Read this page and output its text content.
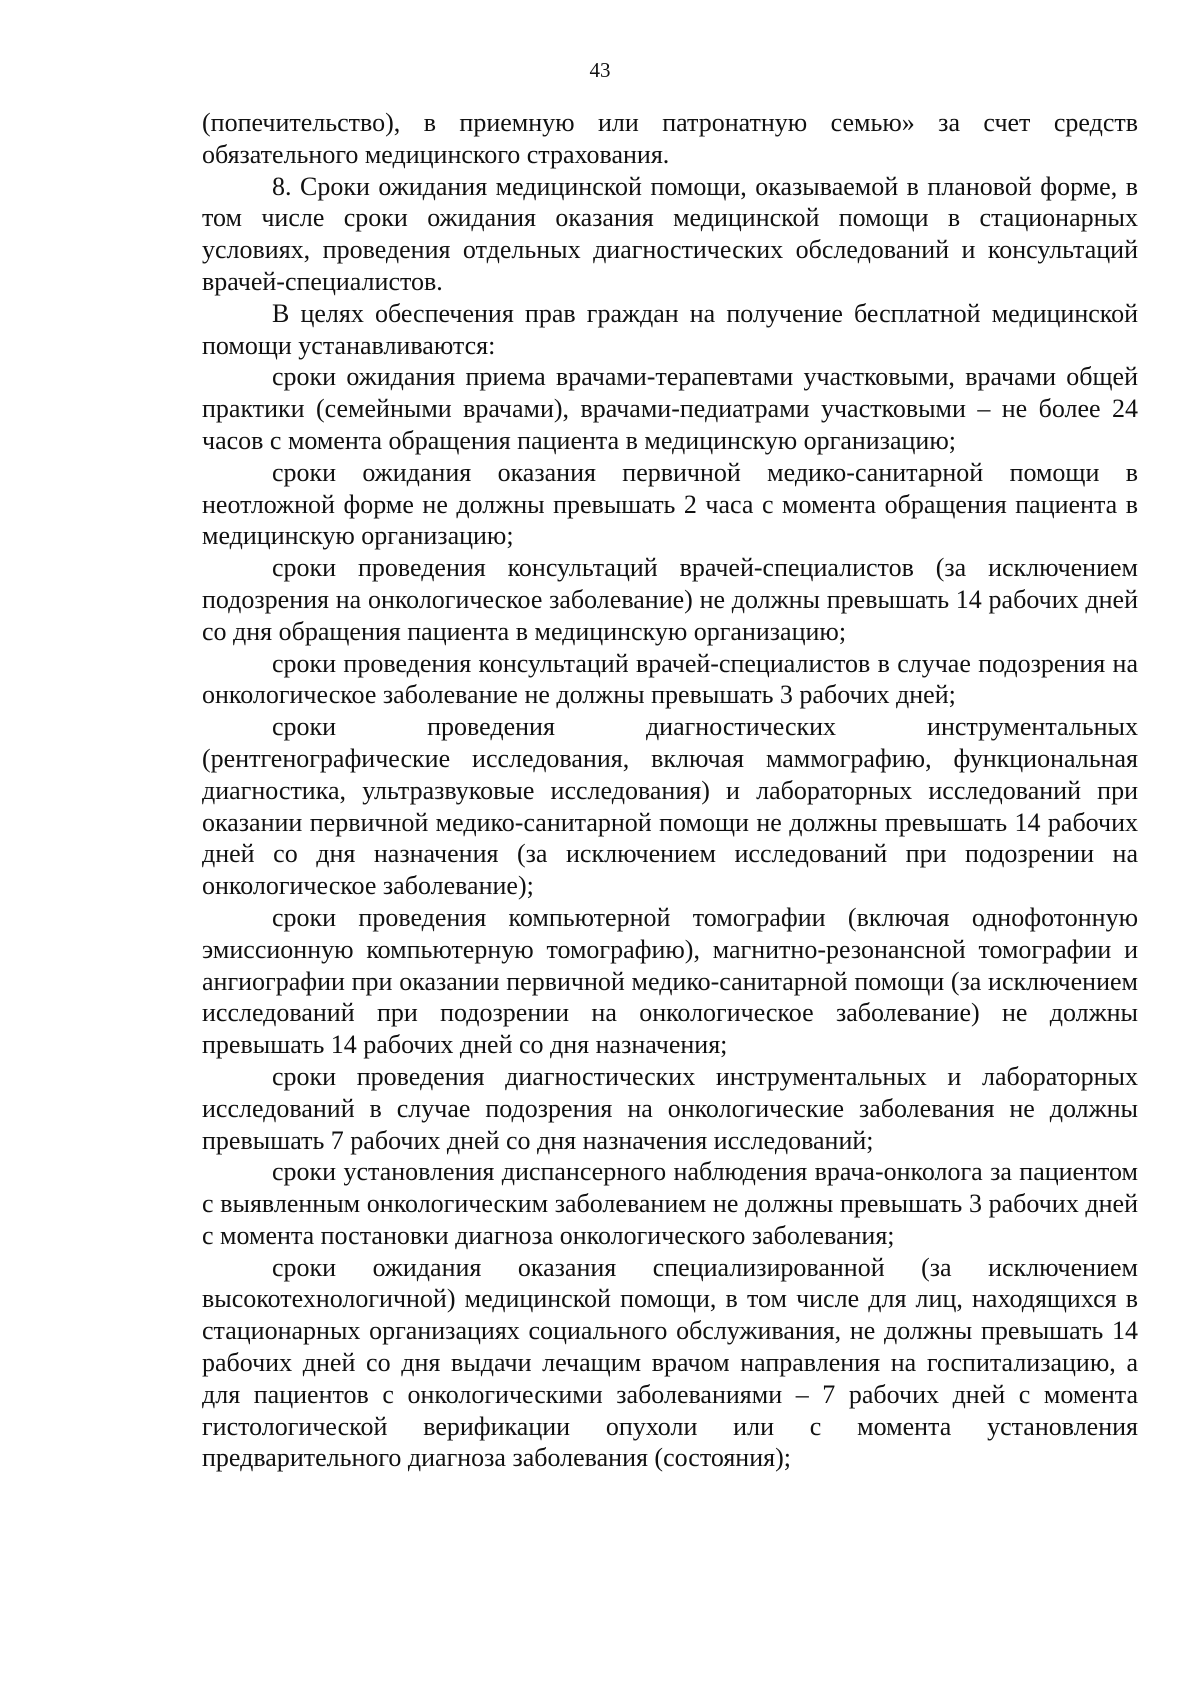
43

(попечительство), в приемную или патронатную семью» за счет средств обязательного медицинского страхования.

8. Сроки ожидания медицинской помощи, оказываемой в плановой форме, в том числе сроки ожидания оказания медицинской помощи в стационарных условиях, проведения отдельных диагностических обследований и консультаций врачей-специалистов.

В целях обеспечения прав граждан на получение бесплатной медицинской помощи устанавливаются:

сроки ожидания приема врачами-терапевтами участковыми, врачами общей практики (семейными врачами), врачами-педиатрами участковыми – не более 24 часов с момента обращения пациента в медицинскую организацию;

сроки ожидания оказания первичной медико-санитарной помощи в неотложной форме не должны превышать 2 часа с момента обращения пациента в медицинскую организацию;

сроки проведения консультаций врачей-специалистов (за исключением подозрения на онкологическое заболевание) не должны превышать 14 рабочих дней со дня обращения пациента в медицинскую организацию;

сроки проведения консультаций врачей-специалистов в случае подозрения на онкологическое заболевание не должны превышать 3 рабочих дней;

сроки проведения диагностических инструментальных (рентгенографические исследования, включая маммографию, функциональная диагностика, ультразвуковые исследования) и лабораторных исследований при оказании первичной медико-санитарной помощи не должны превышать 14 рабочих дней со дня назначения (за исключением исследований при подозрении на онкологическое заболевание);

сроки проведения компьютерной томографии (включая однофотонную эмиссионную компьютерную томографию), магнитно-резонансной томографии и ангиографии при оказании первичной медико-санитарной помощи (за исключением исследований при подозрении на онкологическое заболевание) не должны превышать 14 рабочих дней со дня назначения;

сроки проведения диагностических инструментальных и лабораторных исследований в случае подозрения на онкологические заболевания не должны превышать 7 рабочих дней со дня назначения исследований;

сроки установления диспансерного наблюдения врача-онколога за пациентом с выявленным онкологическим заболеванием не должны превышать 3 рабочих дней с момента постановки диагноза онкологического заболевания;

сроки ожидания оказания специализированной (за исключением высокотехнологичной) медицинской помощи, в том числе для лиц, находящихся в стационарных организациях социального обслуживания, не должны превышать 14 рабочих дней со дня выдачи лечащим врачом направления на госпитализацию, а для пациентов с онкологическими заболеваниями – 7 рабочих дней с момента гистологической верификации опухоли или с момента установления предварительного диагноза заболевания (состояния);
